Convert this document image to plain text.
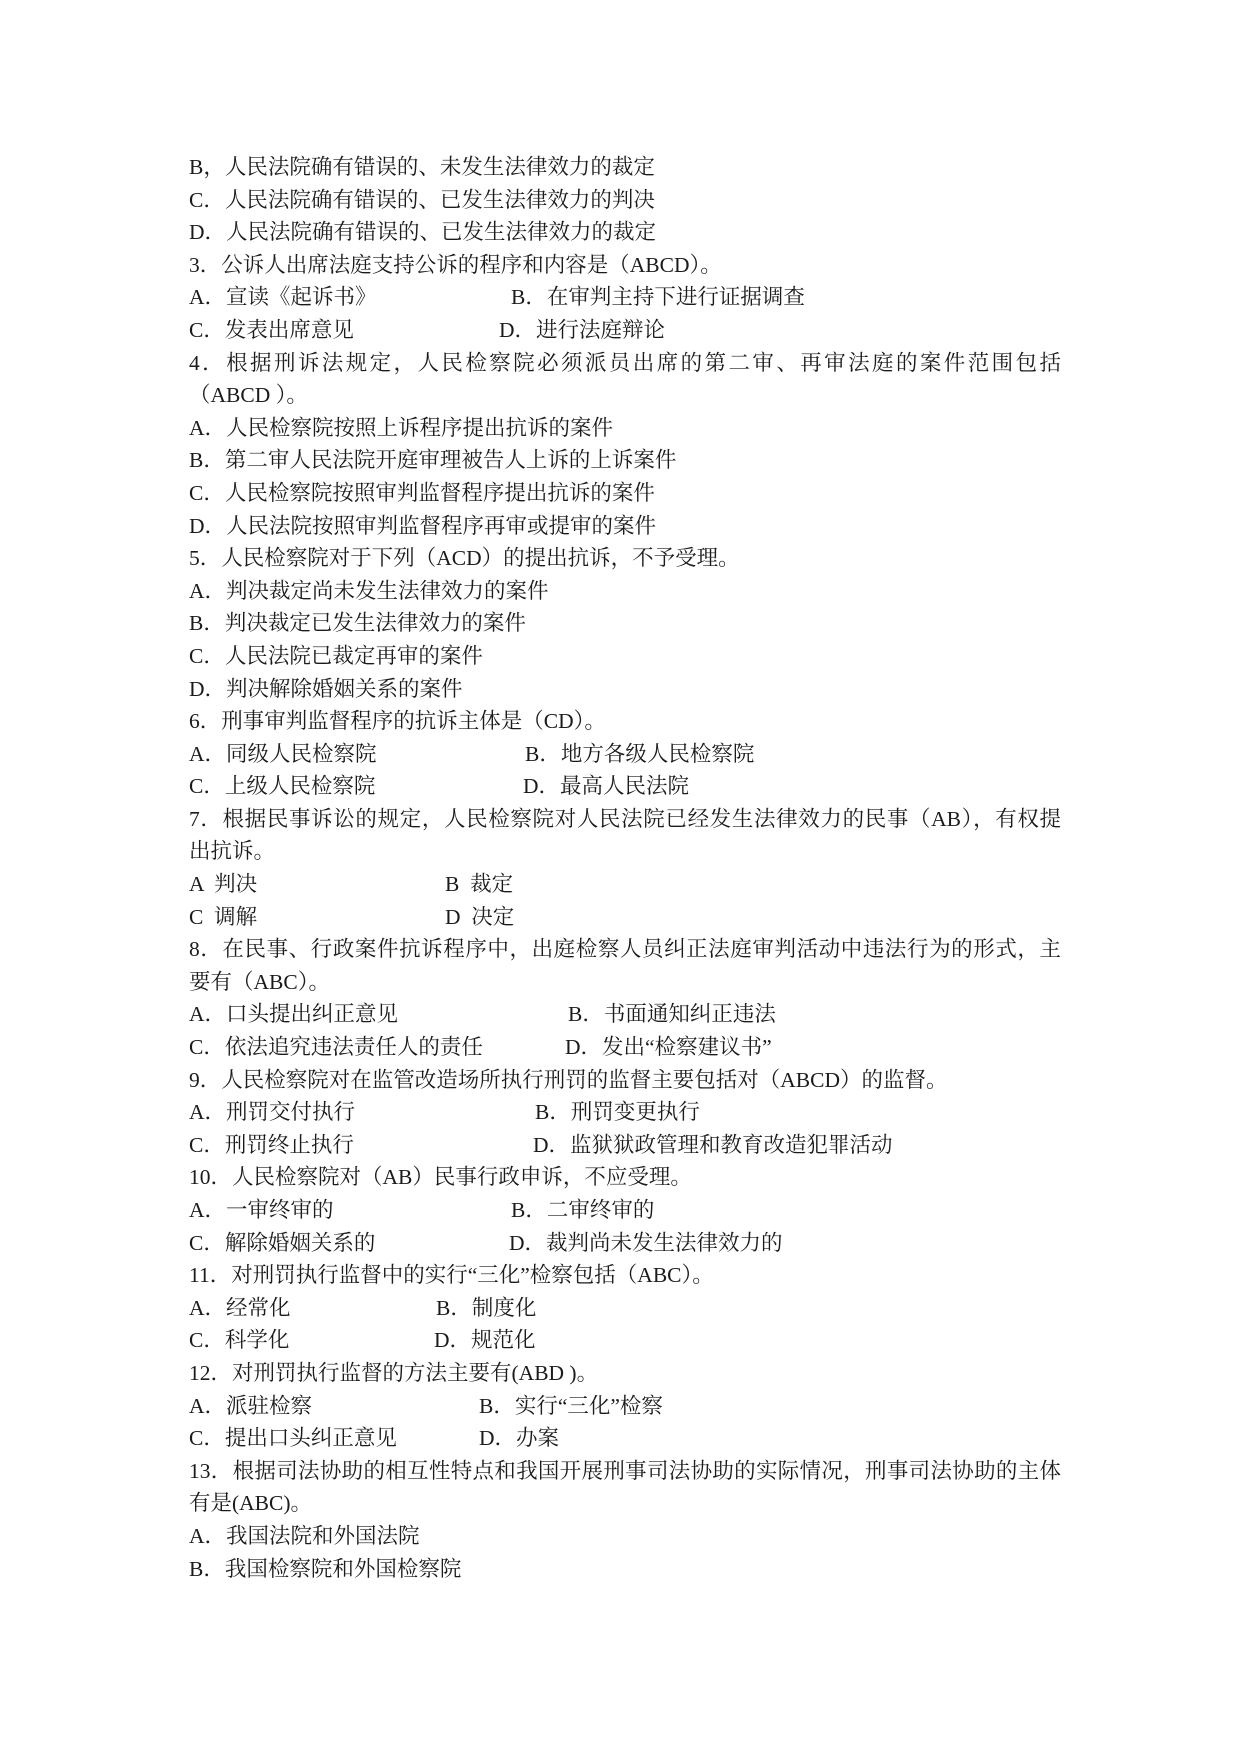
B，人民法院确有错误的、未发生法律效力的裁定
C．人民法院确有错误的、已发生法律效力的判决
D．人民法院确有错误的、已发生法律效力的裁定
3．公诉人出席法庭支持公诉的程序和内容是（ABCD）。

A．宣读《起诉书》

	B．在审判主持下进行证据调查

C．发表出席意见

	D．进行法庭辩论

4．根据刑诉法规定，人民检察院必须派员出席的第二审、再审法庭的案件范围包括
（ABCD ）。
A．人民检察院按照上诉程序提出抗诉的案件
B．第二审人民法院开庭审理被告人上诉的上诉案件
C．人民检察院按照审判监督程序提出抗诉的案件
D．人民法院按照审判监督程序再审或提审的案件
5．人民检察院对于下列（ACD）的提出抗诉，不予受理。
A．判决裁定尚未发生法律效力的案件
B．判决裁定已发生法律效力的案件
C．人民法院已裁定再审的案件
D．判决解除婚姻关系的案件
6．刑事审判监督程序的抗诉主体是（CD）。

A．同级人民检察院

	B．地方各级人民检察院

C．上级人民检察院

	D．最高人民法院

7．根据民事诉讼的规定，人民检察院对人民法院已经发生法律效力的民事（AB），有权提
出抗诉。

A  判决

	B  裁定

C  调解

	D  决定

8．在民事、行政案件抗诉程序中，出庭检察人员纠正法庭审判活动中违法行为的形式，主
要有（ABC）。

A．口头提出纠正意见

	B．书面通知纠正违法

C．依法追究违法责任人的责任

	D．发出“检察建议书”

9．人民检察院对在监管改造场所执行刑罚的监督主要包括对（ABCD）的监督。

A．刑罚交付执行

	B．刑罚变更执行

C．刑罚终止执行

	D．监狱狱政管理和教育改造犯罪活动

10．人民检察院对（AB）民事行政申诉，不应受理。

A．一审终审的

	B．二审终审的

C．解除婚姻关系的

	D．裁判尚未发生法律效力的

11．对刑罚执行监督中的实行“三化”检察包括（ABC）。

A．经常化

	B．制度化

C．科学化

	D．规范化

12．对刑罚执行监督的方法主要有(ABD )。

A．派驻检察

	B．实行“三化”检察

C．提出口头纠正意见

	D．办案

13．根据司法协助的相互性特点和我国开展刑事司法协助的实际情况，刑事司法协助的主体
有是(ABC)。
A．我国法院和外国法院
B．我国检察院和外国检察院
